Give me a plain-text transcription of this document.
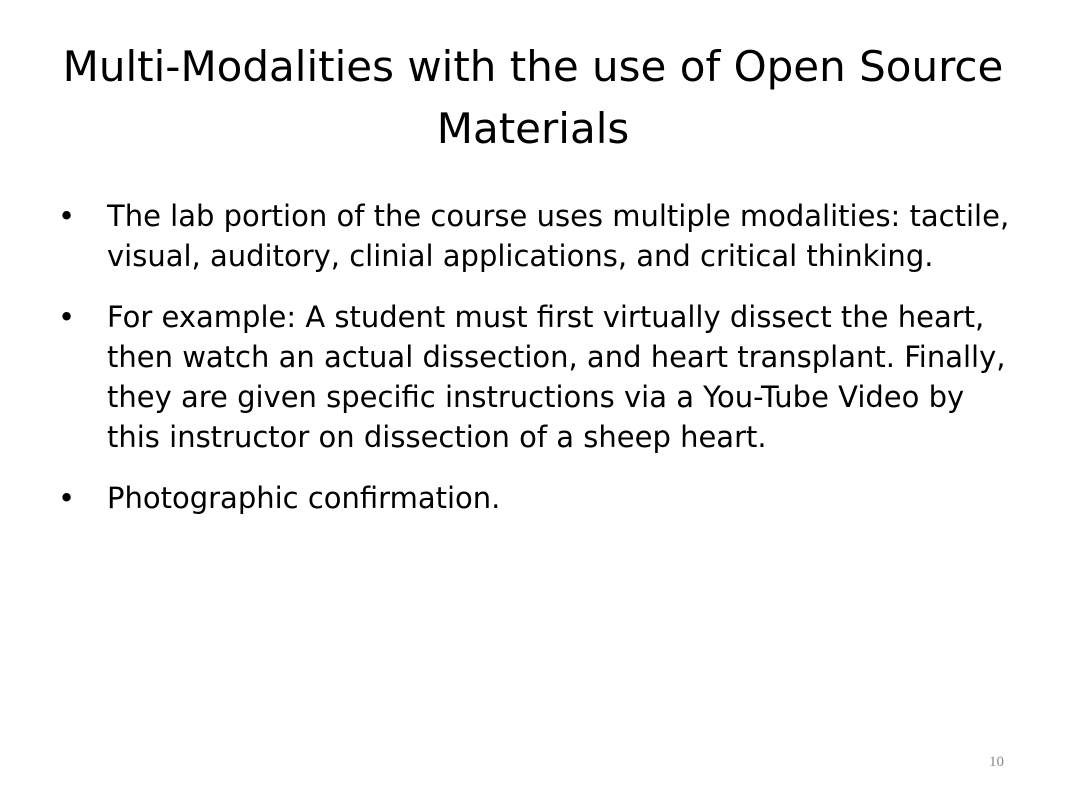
Multi-Modalities with the use of Open Source Materials
• The lab portion of the course uses multiple modalities: tactile, visual, auditory, clinial applications, and critical thinking.
• For example: A student must first virtually dissect the heart, then watch an actual dissection, and heart transplant. Finally, they are given specific instructions via a You-Tube Video by this instructor on dissection of a sheep heart.
• Photographic confirmation.
10
